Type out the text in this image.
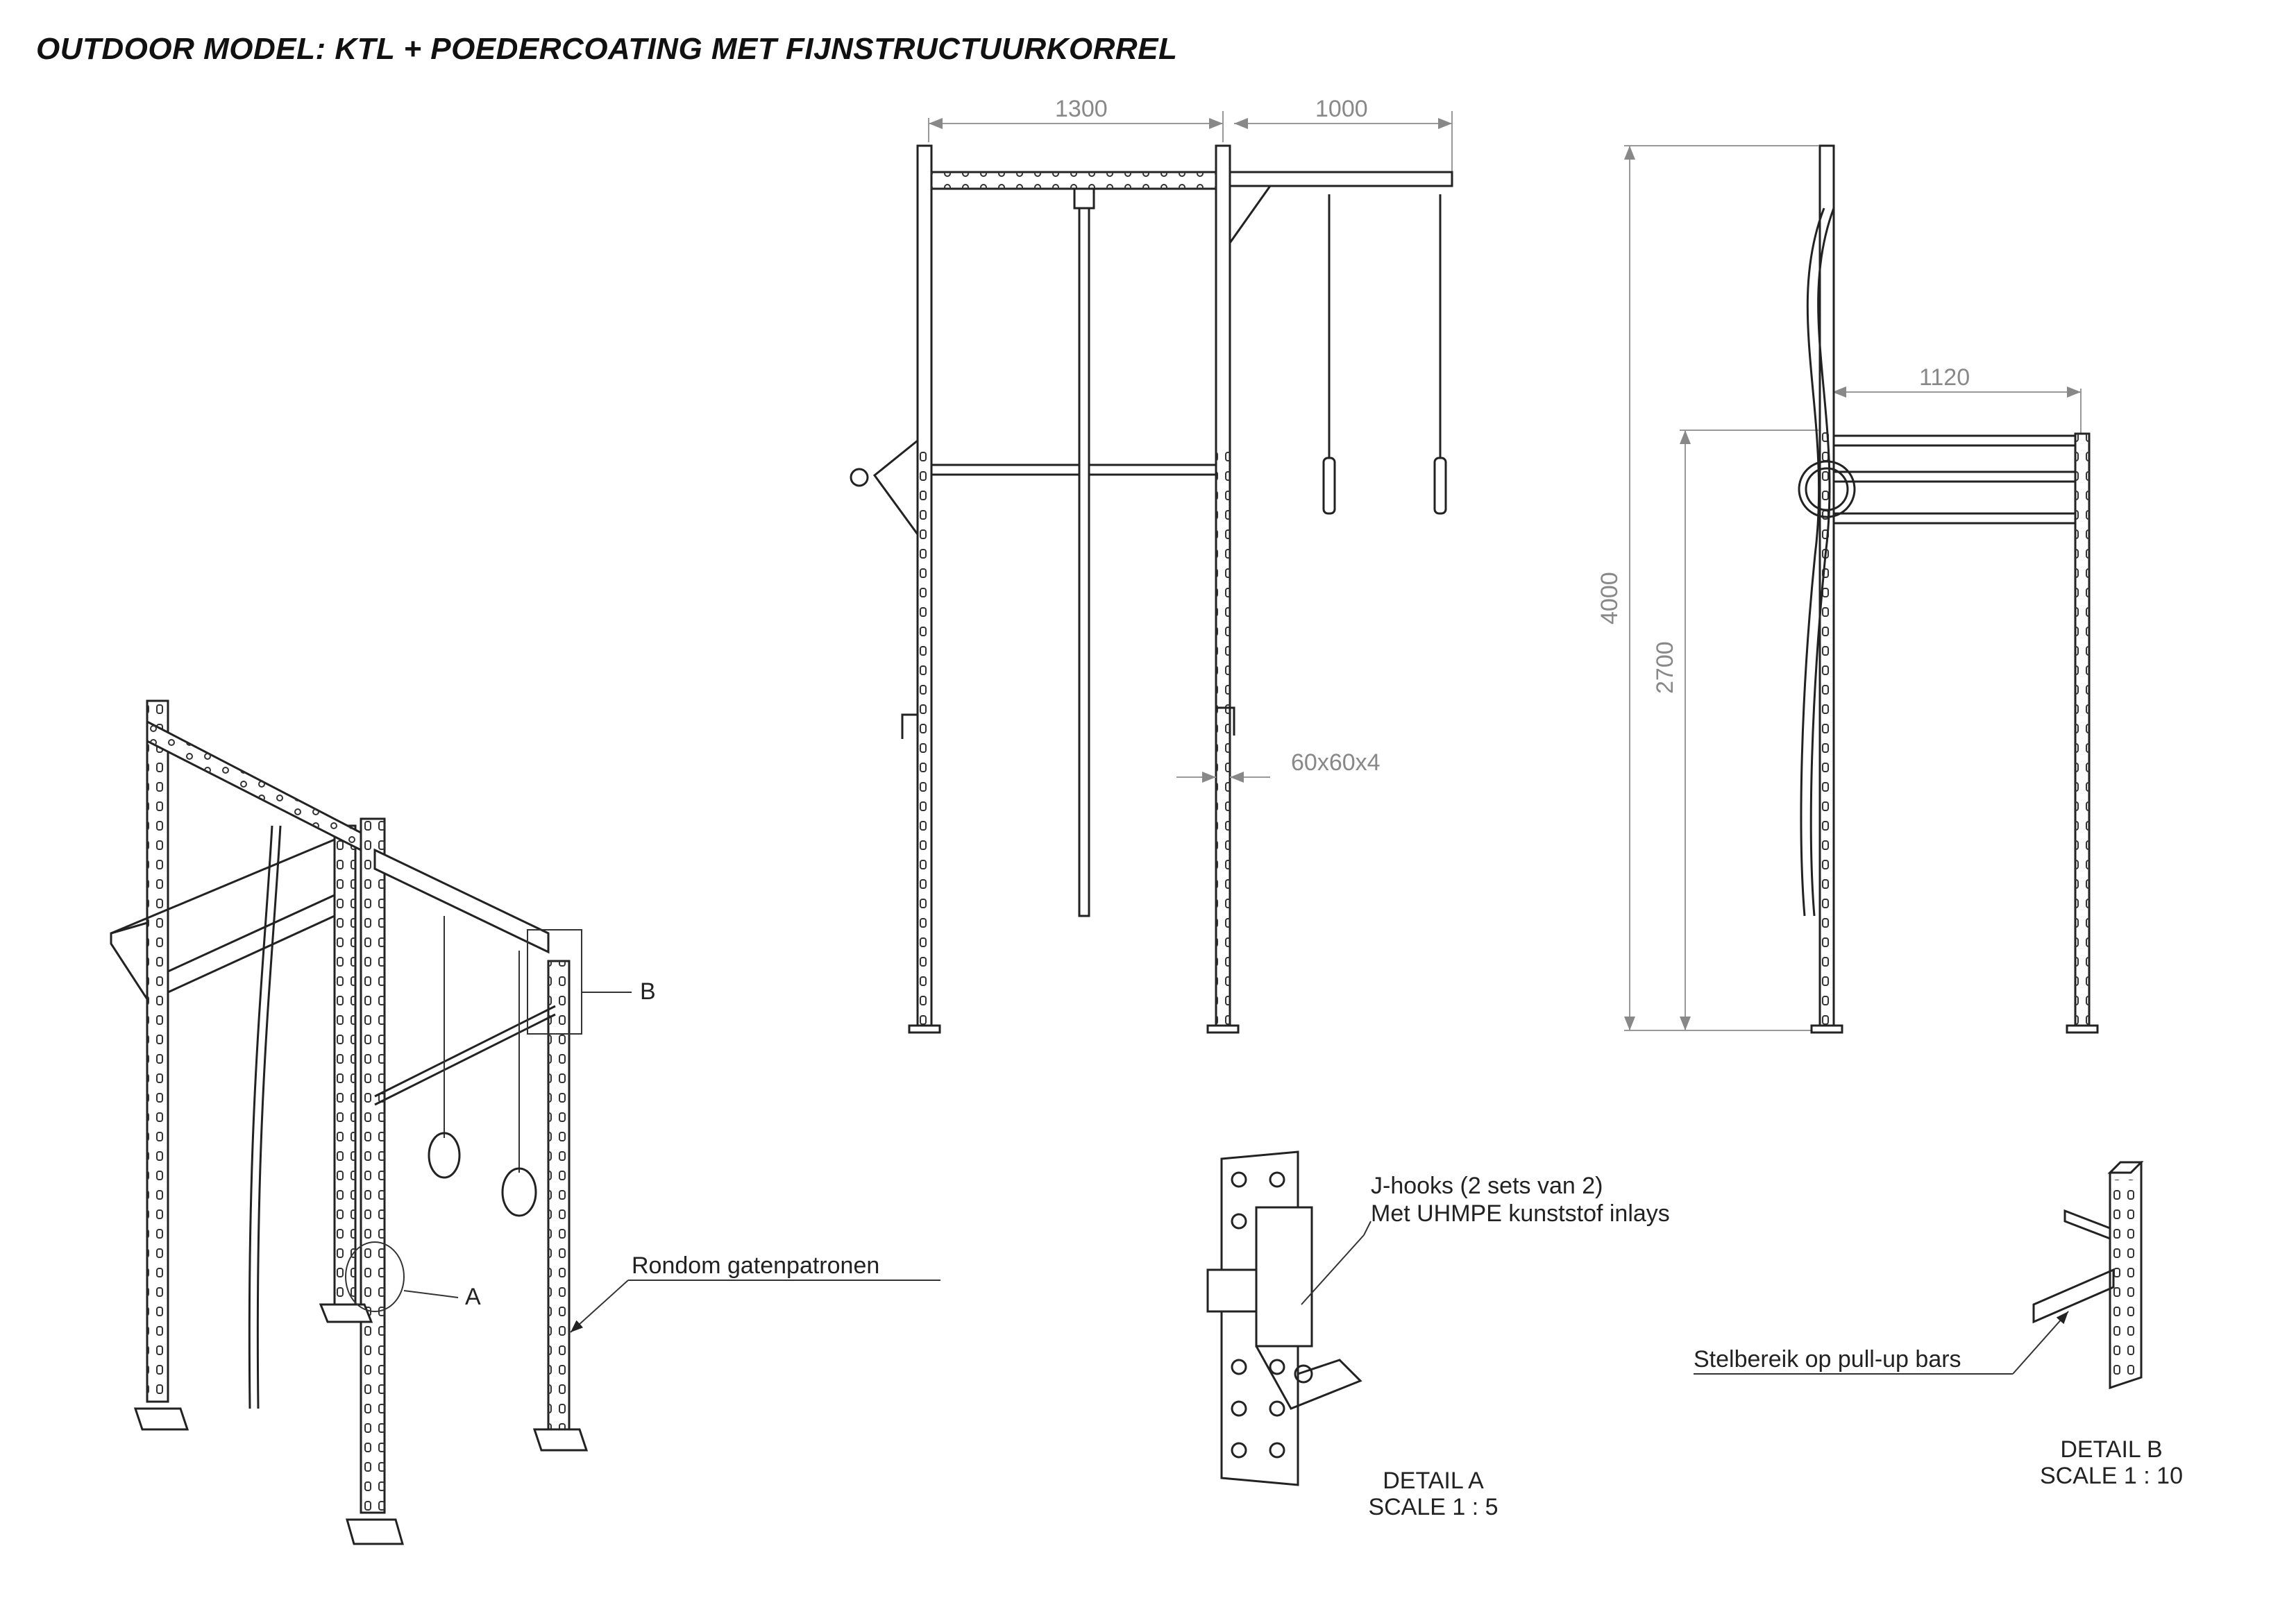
OUTDOOR MODEL: KTL + POEDERCOATING MET FIJNSTRUCTUURKORREL
A
B
Rondom gatenpatronen
1300	1000
60x60x4
4000
2700
1120
J-hooks (2 sets van 2)
Met UHMPE kunststof inlays
DETAIL A
SCALE 1 : 5
Stelbereik op pull-up bars
DETAIL B
SCALE 1 : 10
